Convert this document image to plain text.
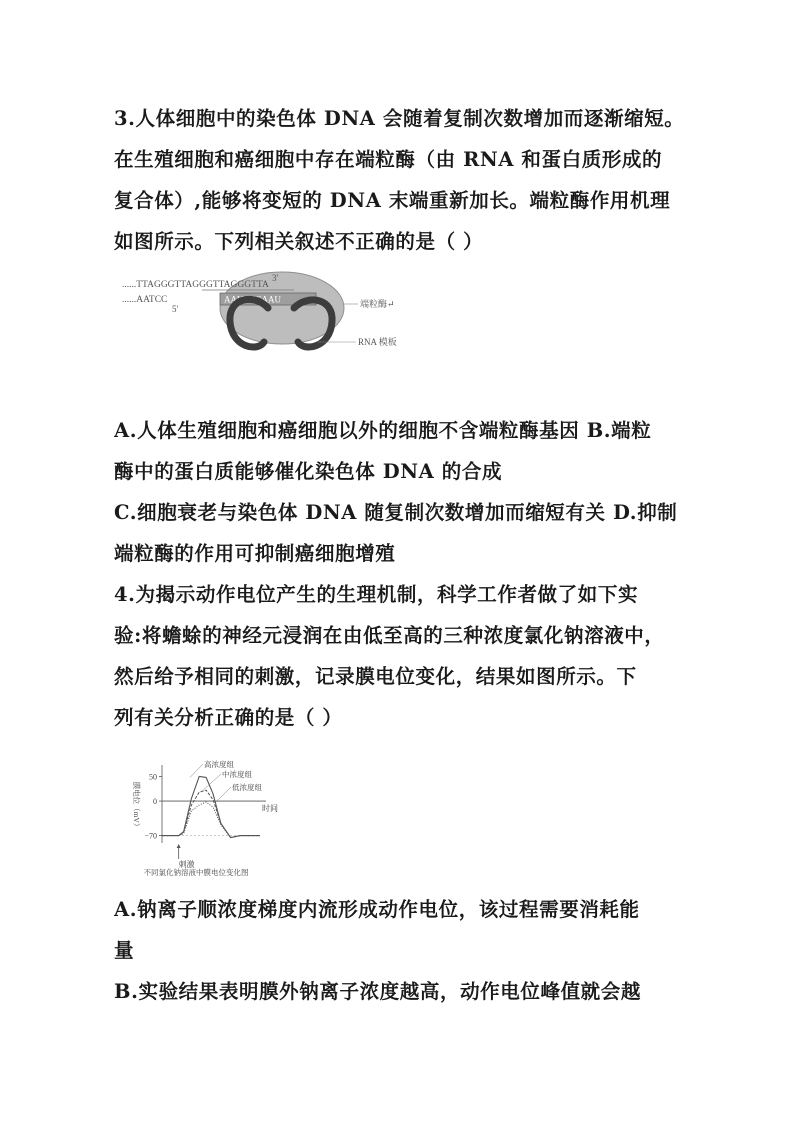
3.人体细胞中的染色体 DNA 会随着复制次数增加而逐渐缩短。
在生殖细胞和癌细胞中存在端粒酶（由 RNA 和蛋白质形成的
复合体）,能够将变短的 DNA 末端重新加长。端粒酶作用机理
如图所示。下列相关叙述不正确的是（ ）
......TTAGGGTTAGGGTTAGGGTTA
3'
......AATCC
5'
AAUCCCAAU	端粒酶↵
RNA 模板
A.人体生殖细胞和癌细胞以外的细胞不含端粒酶基因 B.端粒
酶中的蛋白质能够催化染色体 DNA 的合成
C.细胞衰老与染色体 DNA 随复制次数增加而缩短有关 D.抑制
端粒酶的作用可抑制癌细胞增殖
4.为揭示动作电位产生的生理机制，科学工作者做了如下实
验:将蟾蜍的神经元浸润在由低至高的三种浓度氯化钠溶液中，
然后给予相同的刺激，记录膜电位变化，结果如图所示。下
列有关分析正确的是（ ）
50
0
−70
膜电位（mV）	时间
高浓度组
中浓度组
低浓度组
刺激
不同氯化钠溶液中膜电位变化图
A.钠离子顺浓度梯度内流形成动作电位，该过程需要消耗能
量
B.实验结果表明膜外钠离子浓度越高，动作电位峰值就会越
